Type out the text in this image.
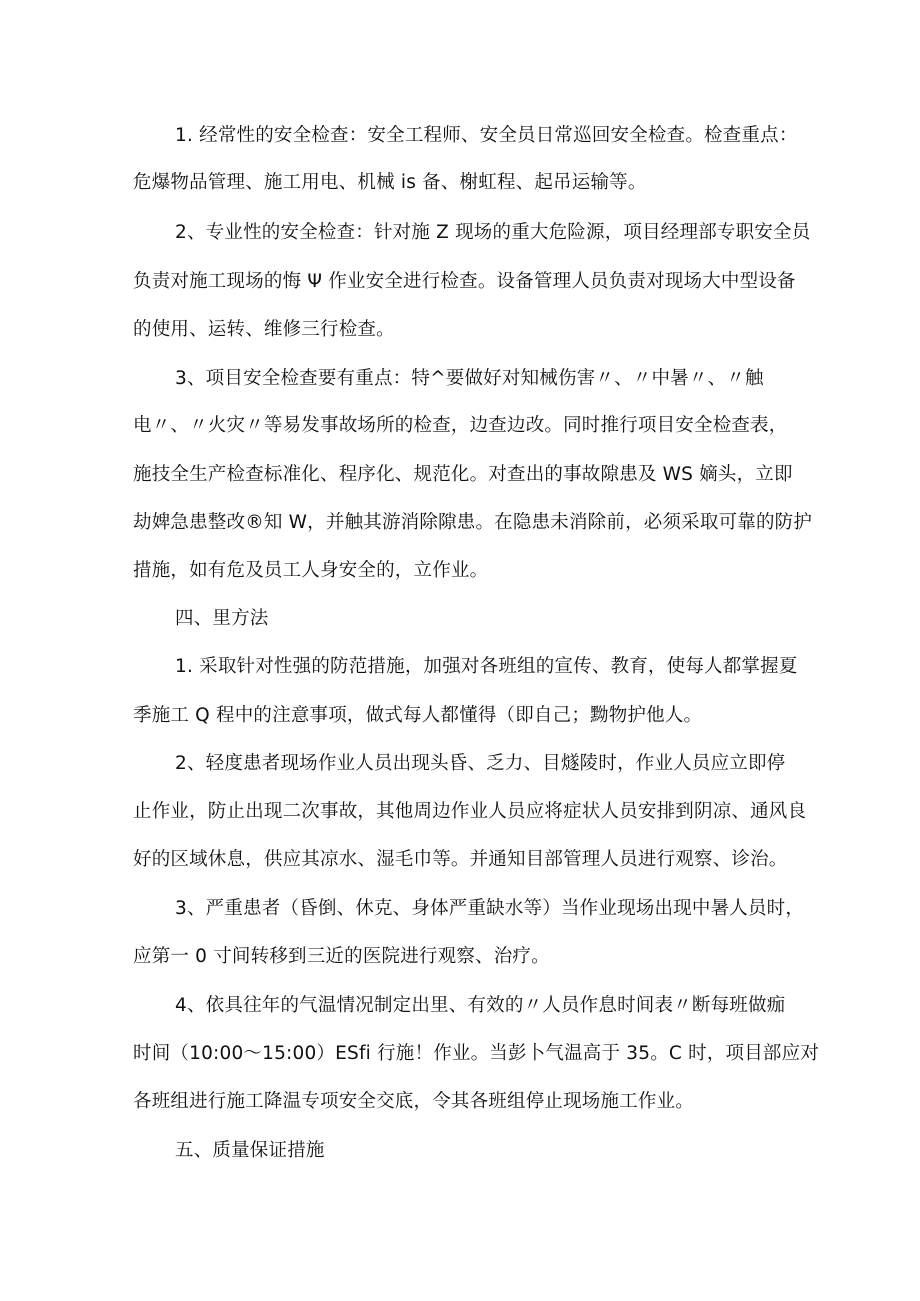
1. 经常性的安全检查：安全工程师、安全员日常巡回安全检查。检查重点：

危爆物品管理、施工用电、机械 is 备、榭虹程、起吊运输等。

2、专业性的安全检查：针对施 Z 现场的重大危险源，项目经理部专职安全员

负责对施工现场的悔 Ψ 作业安全进行检查。设备管理人员负责对现场大中型设备

的使用、运转、维修三行检查。

3、项目安全检查要有重点：特^要做好对知械伤害〃、〃中暑〃、〃触

电〃、〃火灾〃等易发事故场所的检查，边查边改。同时推行项目安全检查表，

施技全生产检查标准化、程序化、规范化。对查出的事故隙患及 WS 嫡头，立即

劫婢急患整改®知 W，并触其游消除隙患。在隐患未消除前，必须采取可靠的防护

措施，如有危及员工人身安全的，立作业。

四、里方法

1. 采取针对性强的防范措施，加强对各班组的宣传、教育，使每人都掌握夏

季施工 Q 程中的注意事项，做式每人都懂得（即自己；黝物护他人。

2、轻度患者现场作业人员出现头昏、乏力、目燧陵时，作业人员应立即停

止作业，防止出现二次事故，其他周边作业人员应将症状人员安排到阴凉、通风良

好的区域休息，供应其凉水、湿毛巾等。并通知目部管理人员进行观察、诊治。

3、严重患者（昏倒、休克、身体严重缺水等）当作业现场出现中暑人员时，

应第一 0 寸间转移到三近的医院进行观察、治疗。

4、依具往年的气温情况制定出里、有效的〃人员作息时间表〃断每班做痂

时间（10:00～15:00）ESfi 行施！作业。当彭卜气温高于 35。C 时，项目部应对

各班组进行施工降温专项安全交底，令其各班组停止现场施工作业。

五、质量保证措施
